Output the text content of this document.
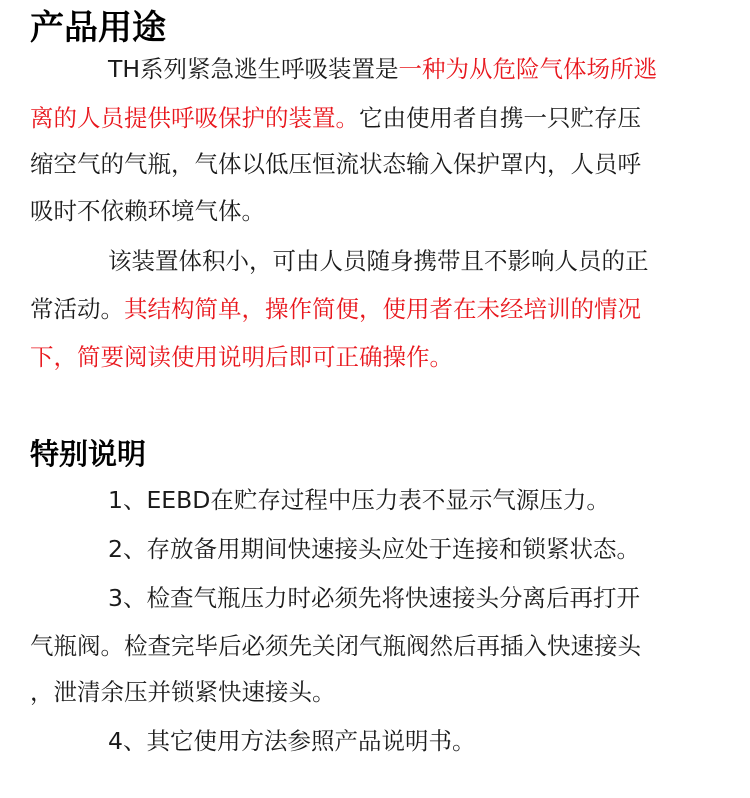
产品用途

TH系列紧急逃生呼吸装置是一种为从危险气体场所逃

离的人员提供呼吸保护的装置。它由使用者自携一只贮存压

缩空气的气瓶，气体以低压恒流状态输入保护罩内，人员呼

吸时不依赖环境气体。

该装置体积小，可由人员随身携带且不影响人员的正

常活动。其结构简单，操作简便，使用者在未经培训的情况

下，简要阅读使用说明后即可正确操作。

特别说明

1、EEBD在贮存过程中压力表不显示气源压力。

2、存放备用期间快速接头应处于连接和锁紧状态。

3、检查气瓶压力时必须先将快速接头分离后再打开

气瓶阀。检查完毕后必须先关闭气瓶阀然后再插入快速接头

，泄清余压并锁紧快速接头。

4、其它使用方法参照产品说明书。
